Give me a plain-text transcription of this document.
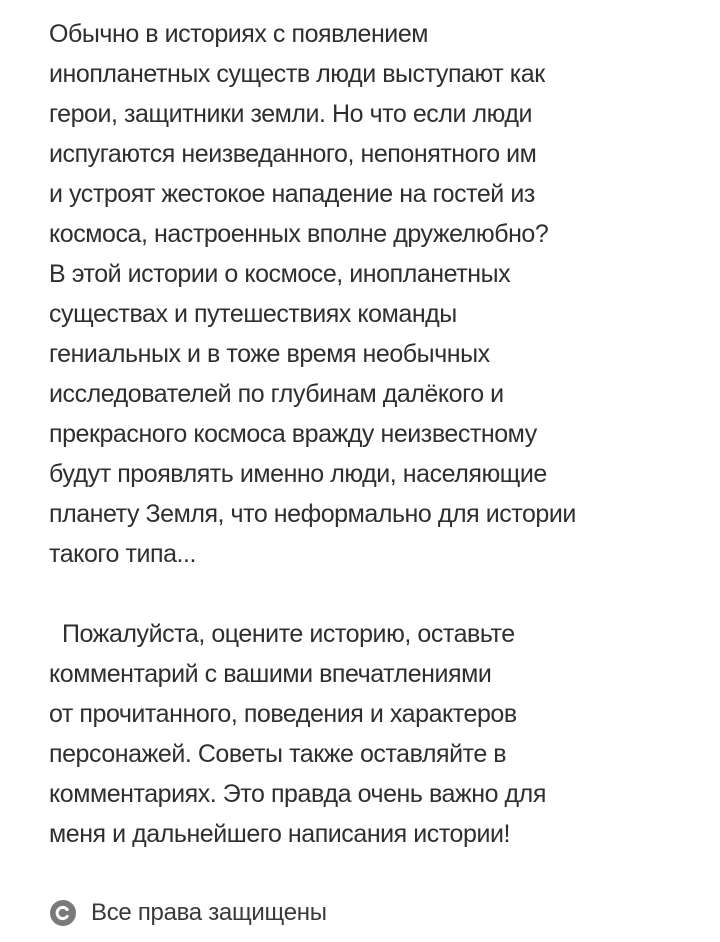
Обычно в историях с появлением
инопланетных существ люди выступают как
герои, защитники земли. Но что если люди
испугаются неизведанного, непонятного им
и устроят жестокое нападение на гостей из
космоса, настроенных вполне дружелюбно?
В этой истории о космосе, инопланетных
существах и путешествиях команды
гениальных и в тоже время необычных
исследователей по глубинам далёкого и
прекрасного космоса вражду неизвестному
будут проявлять именно люди, населяющие
планету Земля, что неформально для истории
такого типа...
Пожалуйста, оцените историю, оставьте
комментарий с вашими впечатлениями
от прочитанного, поведения и характеров
персонажей. Советы также оставляйте в
комментариях. Это правда очень важно для
меня и дальнейшего написания истории!
Все права защищены
